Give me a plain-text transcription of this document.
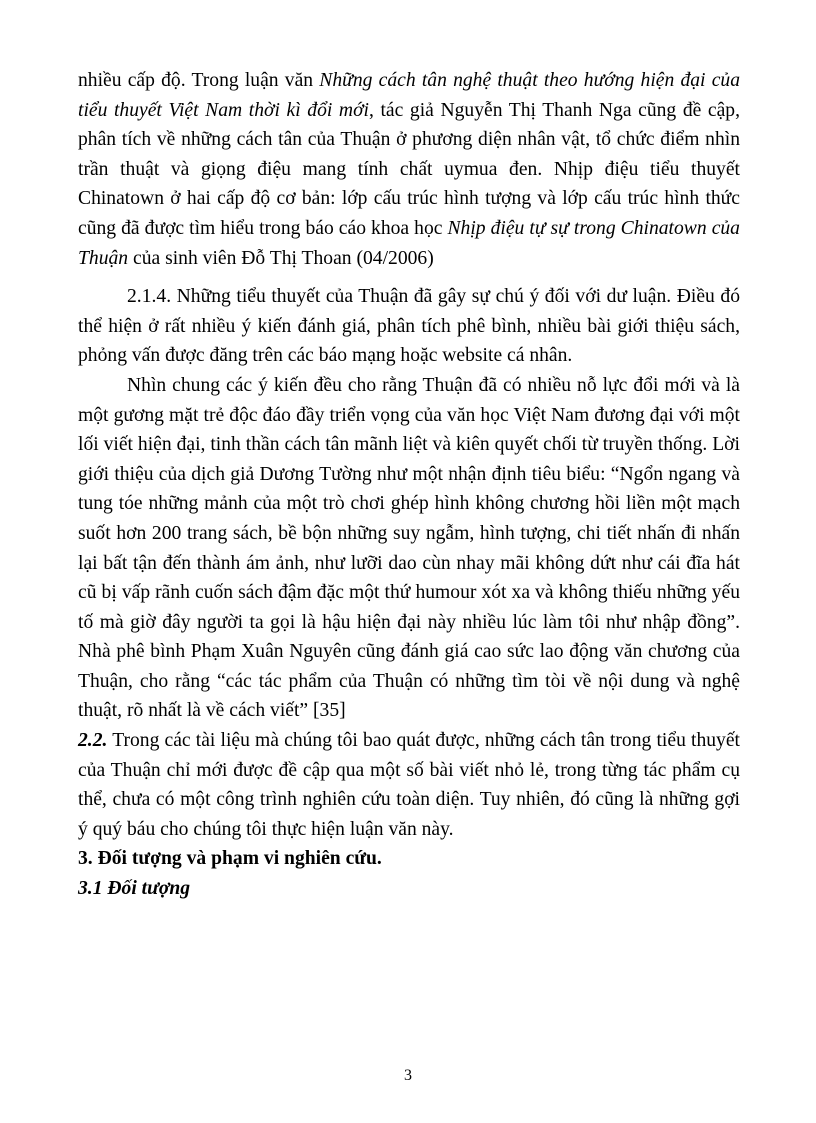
nhiều cấp độ. Trong luận văn Những cách tân nghệ thuật theo hướng hiện đại của tiểu thuyết Việt Nam thời kì đổi mới, tác giả Nguyễn Thị Thanh Nga cũng đề cập, phân tích về những cách tân của Thuận ở phương diện nhân vật, tổ chức điểm nhìn trần thuật và giọng điệu mang tính chất uymua đen. Nhịp điệu tiểu thuyết Chinatown ở hai cấp độ cơ bản: lớp cấu trúc hình tượng và lớp cấu trúc hình thức cũng đã được tìm hiểu trong báo cáo khoa học Nhịp điệu tự sự trong Chinatown của Thuận của sinh viên Đỗ Thị Thoan (04/2006)

2.1.4. Những tiểu thuyết của Thuận đã gây sự chú ý đối với dư luận. Điều đó thể hiện ở rất nhiều ý kiến đánh giá, phân tích phê bình, nhiều bài giới thiệu sách, phỏng vấn được đăng trên các báo mạng hoặc website cá nhân.

Nhìn chung các ý kiến đều cho rằng Thuận đã có nhiều nỗ lực đổi mới và là một gương mặt trẻ độc đáo đầy triển vọng của văn học Việt Nam đương đại với một lối viết hiện đại, tinh thần cách tân mãnh liệt và kiên quyết chối từ truyền thống. Lời giới thiệu của dịch giả Dương Tường như một nhận định tiêu biểu: “Ngổn ngang và tung tóe những mảnh của một trò chơi ghép hình không chương hồi liền một mạch suốt hơn 200 trang sách, bề bộn những suy ngẫm, hình tượng, chi tiết nhấn đi nhấn lại bất tận đến thành ám ảnh, như lưỡi dao cùn nhay mãi không dứt như cái đĩa hát cũ bị vấp rãnh cuốn sách đậm đặc một thứ humour xót xa và không thiếu những yếu tố mà giờ đây người ta gọi là hậu hiện đại này nhiều lúc làm tôi như nhập đồng”. Nhà phê bình Phạm Xuân Nguyên cũng đánh giá cao sức lao động văn chương của Thuận, cho rằng “các tác phẩm của Thuận có những tìm tòi về nội dung và nghệ thuật, rõ nhất là về cách viết” [35]

2.2. Trong các tài liệu mà chúng tôi bao quát được, những cách tân trong tiểu thuyết của Thuận chỉ mới được đề cập qua một số bài viết nhỏ lẻ, trong từng tác phẩm cụ thể, chưa có một công trình nghiên cứu toàn diện. Tuy nhiên, đó cũng là những gợi ý quý báu cho chúng tôi thực hiện luận văn này.

3. Đối tượng và phạm vi nghiên cứu.

3.1 Đối tượng

3
